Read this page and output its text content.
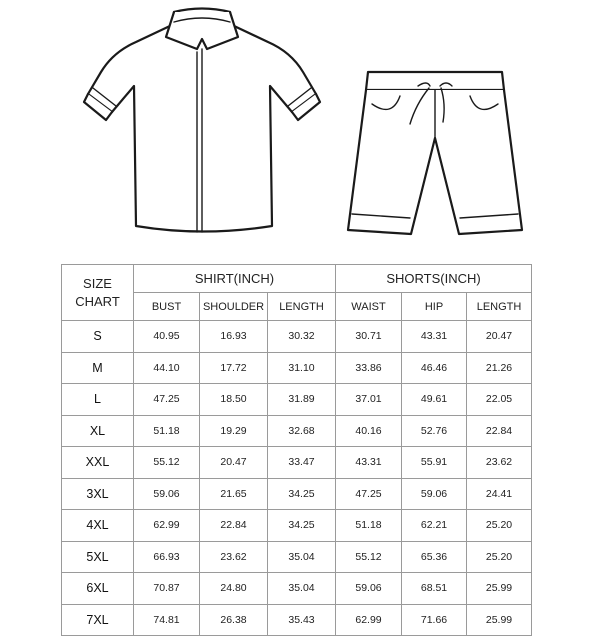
SIZE
CHART	SHIRT(INCH)			SHORTS(INCH)		
	BUST	SHOULDER	LENGTH	WAIST	HIP	LENGTH
S	40.95	16.93	30.32	30.71	43.31	20.47
M	44.10	17.72	31.10	33.86	46.46	21.26
L	47.25	18.50	31.89	37.01	49.61	22.05
XL	51.18	19.29	32.68	40.16	52.76	22.84
XXL	55.12	20.47	33.47	43.31	55.91	23.62
3XL	59.06	21.65	34.25	47.25	59.06	24.41
4XL	62.99	22.84	34.25	51.18	62.21	25.20
5XL	66.93	23.62	35.04	55.12	65.36	25.20
6XL	70.87	24.80	35.04	59.06	68.51	25.99
7XL	74.81	26.38	35.43	62.99	71.66	25.99
